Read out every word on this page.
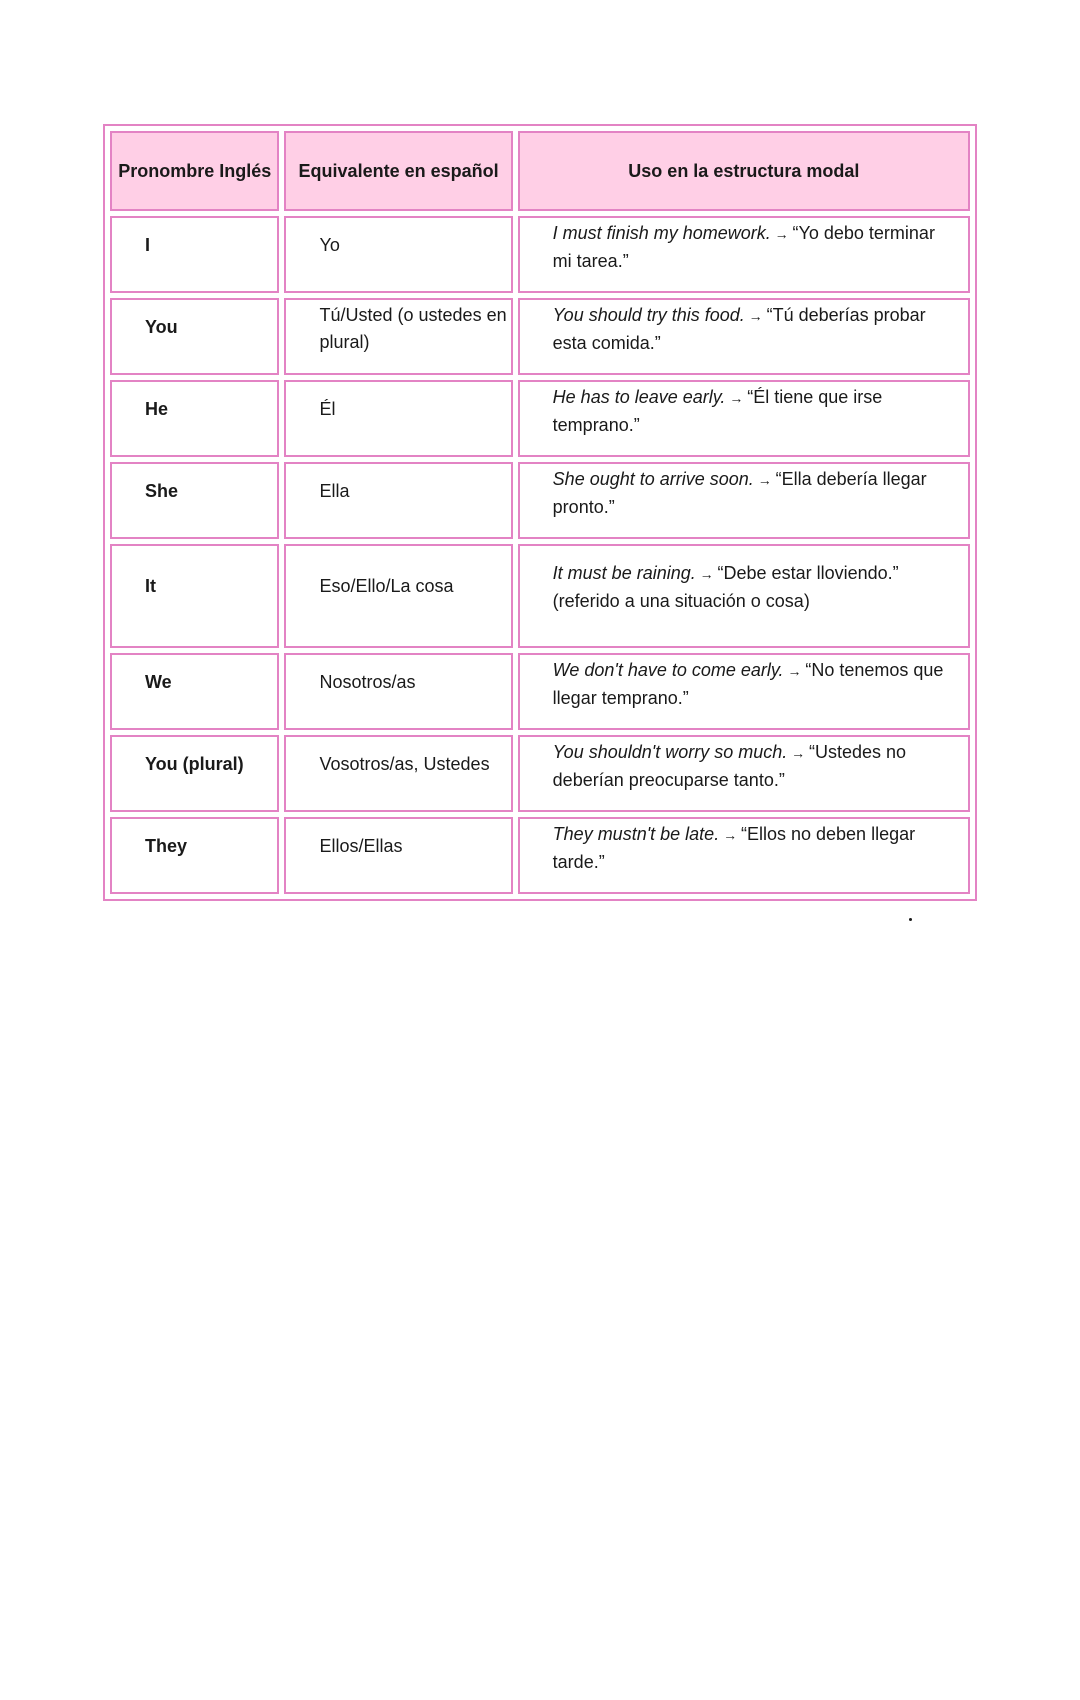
Pronombre Inglés	Equivalente en español	Uso en la estructura modal

I	Yo	I must finish my homework. → “Yo debo terminar mi tarea.”

You	Tú/Usted (o ustedes en plural)	You should try this food. → “Tú deberías probar esta comida.”

He	Él	He has to leave early. → “Él tiene que irse temprano.”

She	Ella	She ought to arrive soon. → “Ella debería llegar pronto.”

It	Eso/Ello/La cosa	It must be raining. → “Debe estar lloviendo.” (referido a una situación o cosa)

We	Nosotros/as	We don't have to come early. → “No tenemos que llegar temprano.”

You (plural)	Vosotros/as, Ustedes	You shouldn't worry so much. → “Ustedes no deberían preocuparse tanto.”

They	Ellos/Ellas	They mustn't be late. → “Ellos no deben llegar tarde.”
